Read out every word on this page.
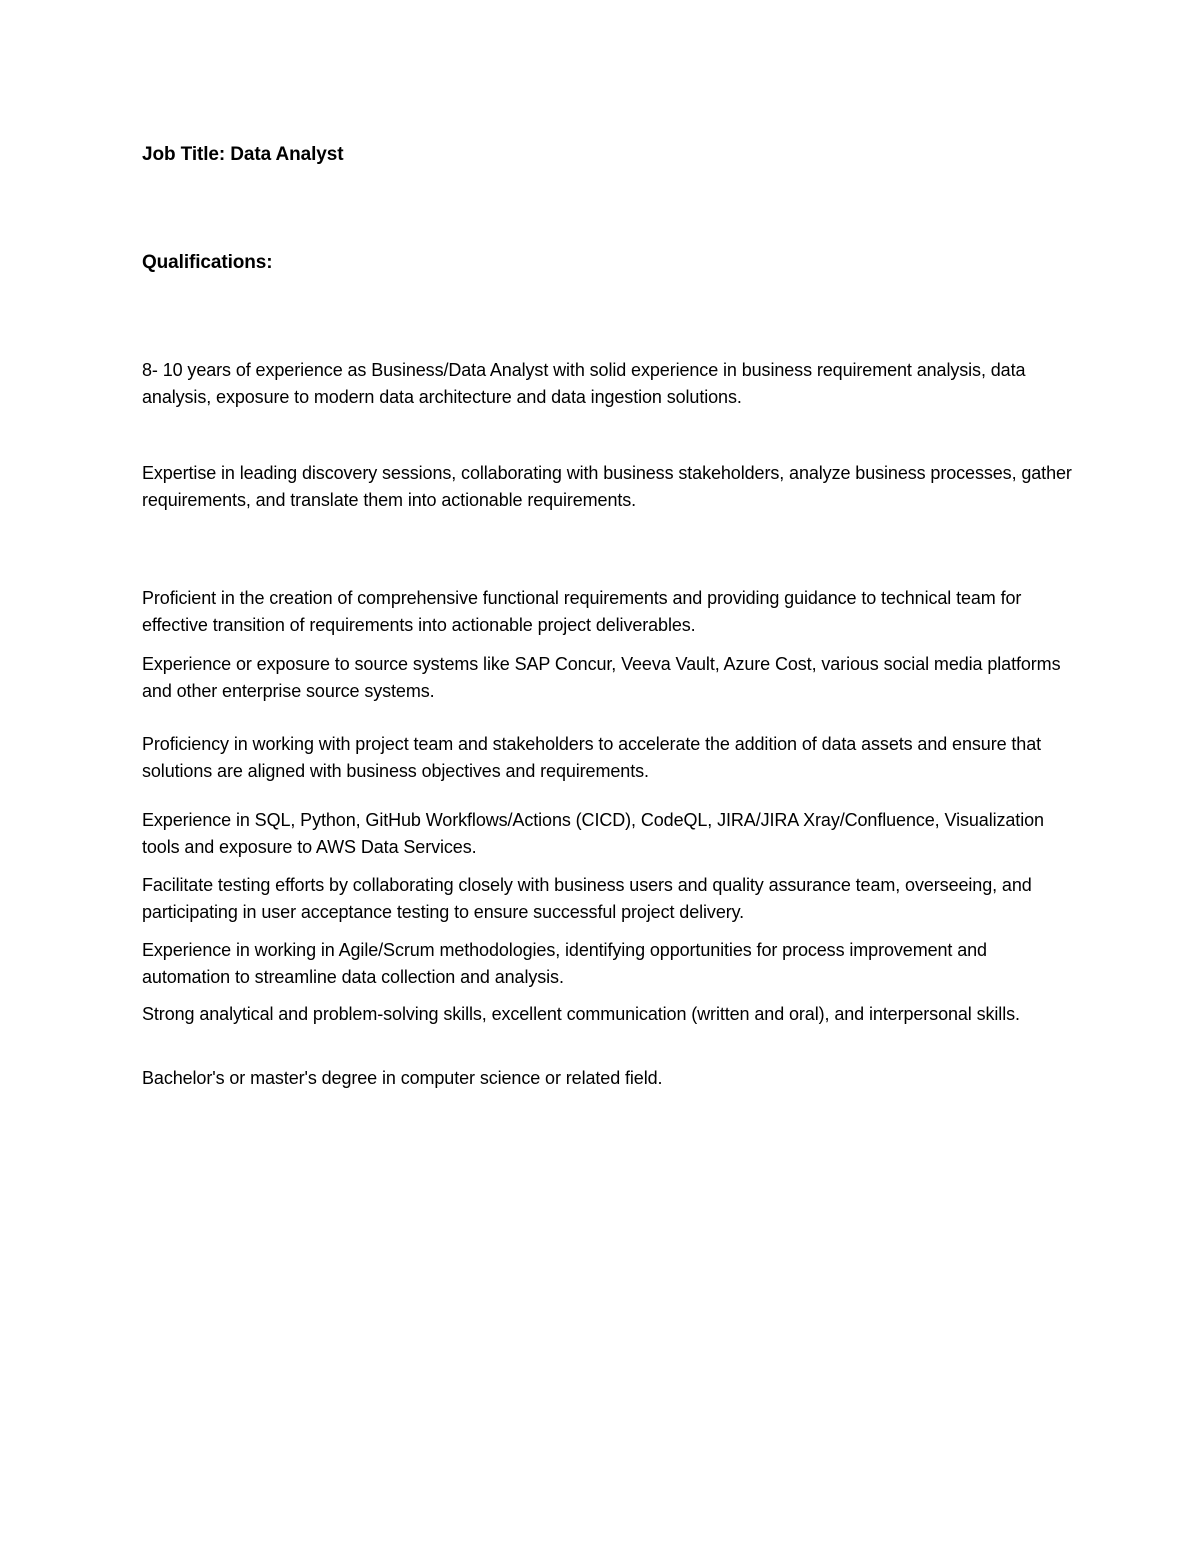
Job Title: Data Analyst

Qualifications:

8- 10 years of experience as Business/Data Analyst with solid experience in business requirement analysis, data analysis, exposure to modern data architecture and data ingestion solutions.

Expertise in leading discovery sessions, collaborating with business stakeholders, analyze business processes, gather requirements, and translate them into actionable requirements.

Proficient in the creation of comprehensive functional requirements and providing guidance to technical team for effective transition of requirements into actionable project deliverables.

Experience or exposure to source systems like SAP Concur, Veeva Vault, Azure Cost, various social media platforms and other enterprise source systems.

Proficiency in working with project team and stakeholders to accelerate the addition of data assets and ensure that solutions are aligned with business objectives and requirements.

Experience in SQL, Python, GitHub Workflows/Actions (CICD), CodeQL, JIRA/JIRA Xray/Confluence, Visualization tools and exposure to AWS Data Services.

Facilitate testing efforts by collaborating closely with business users and quality assurance team, overseeing, and participating in user acceptance testing to ensure successful project delivery.

Experience in working in Agile/Scrum methodologies, identifying opportunities for process improvement and automation to streamline data collection and analysis.

Strong analytical and problem-solving skills, excellent communication (written and oral), and interpersonal skills.

Bachelor's or master's degree in computer science or related field.
